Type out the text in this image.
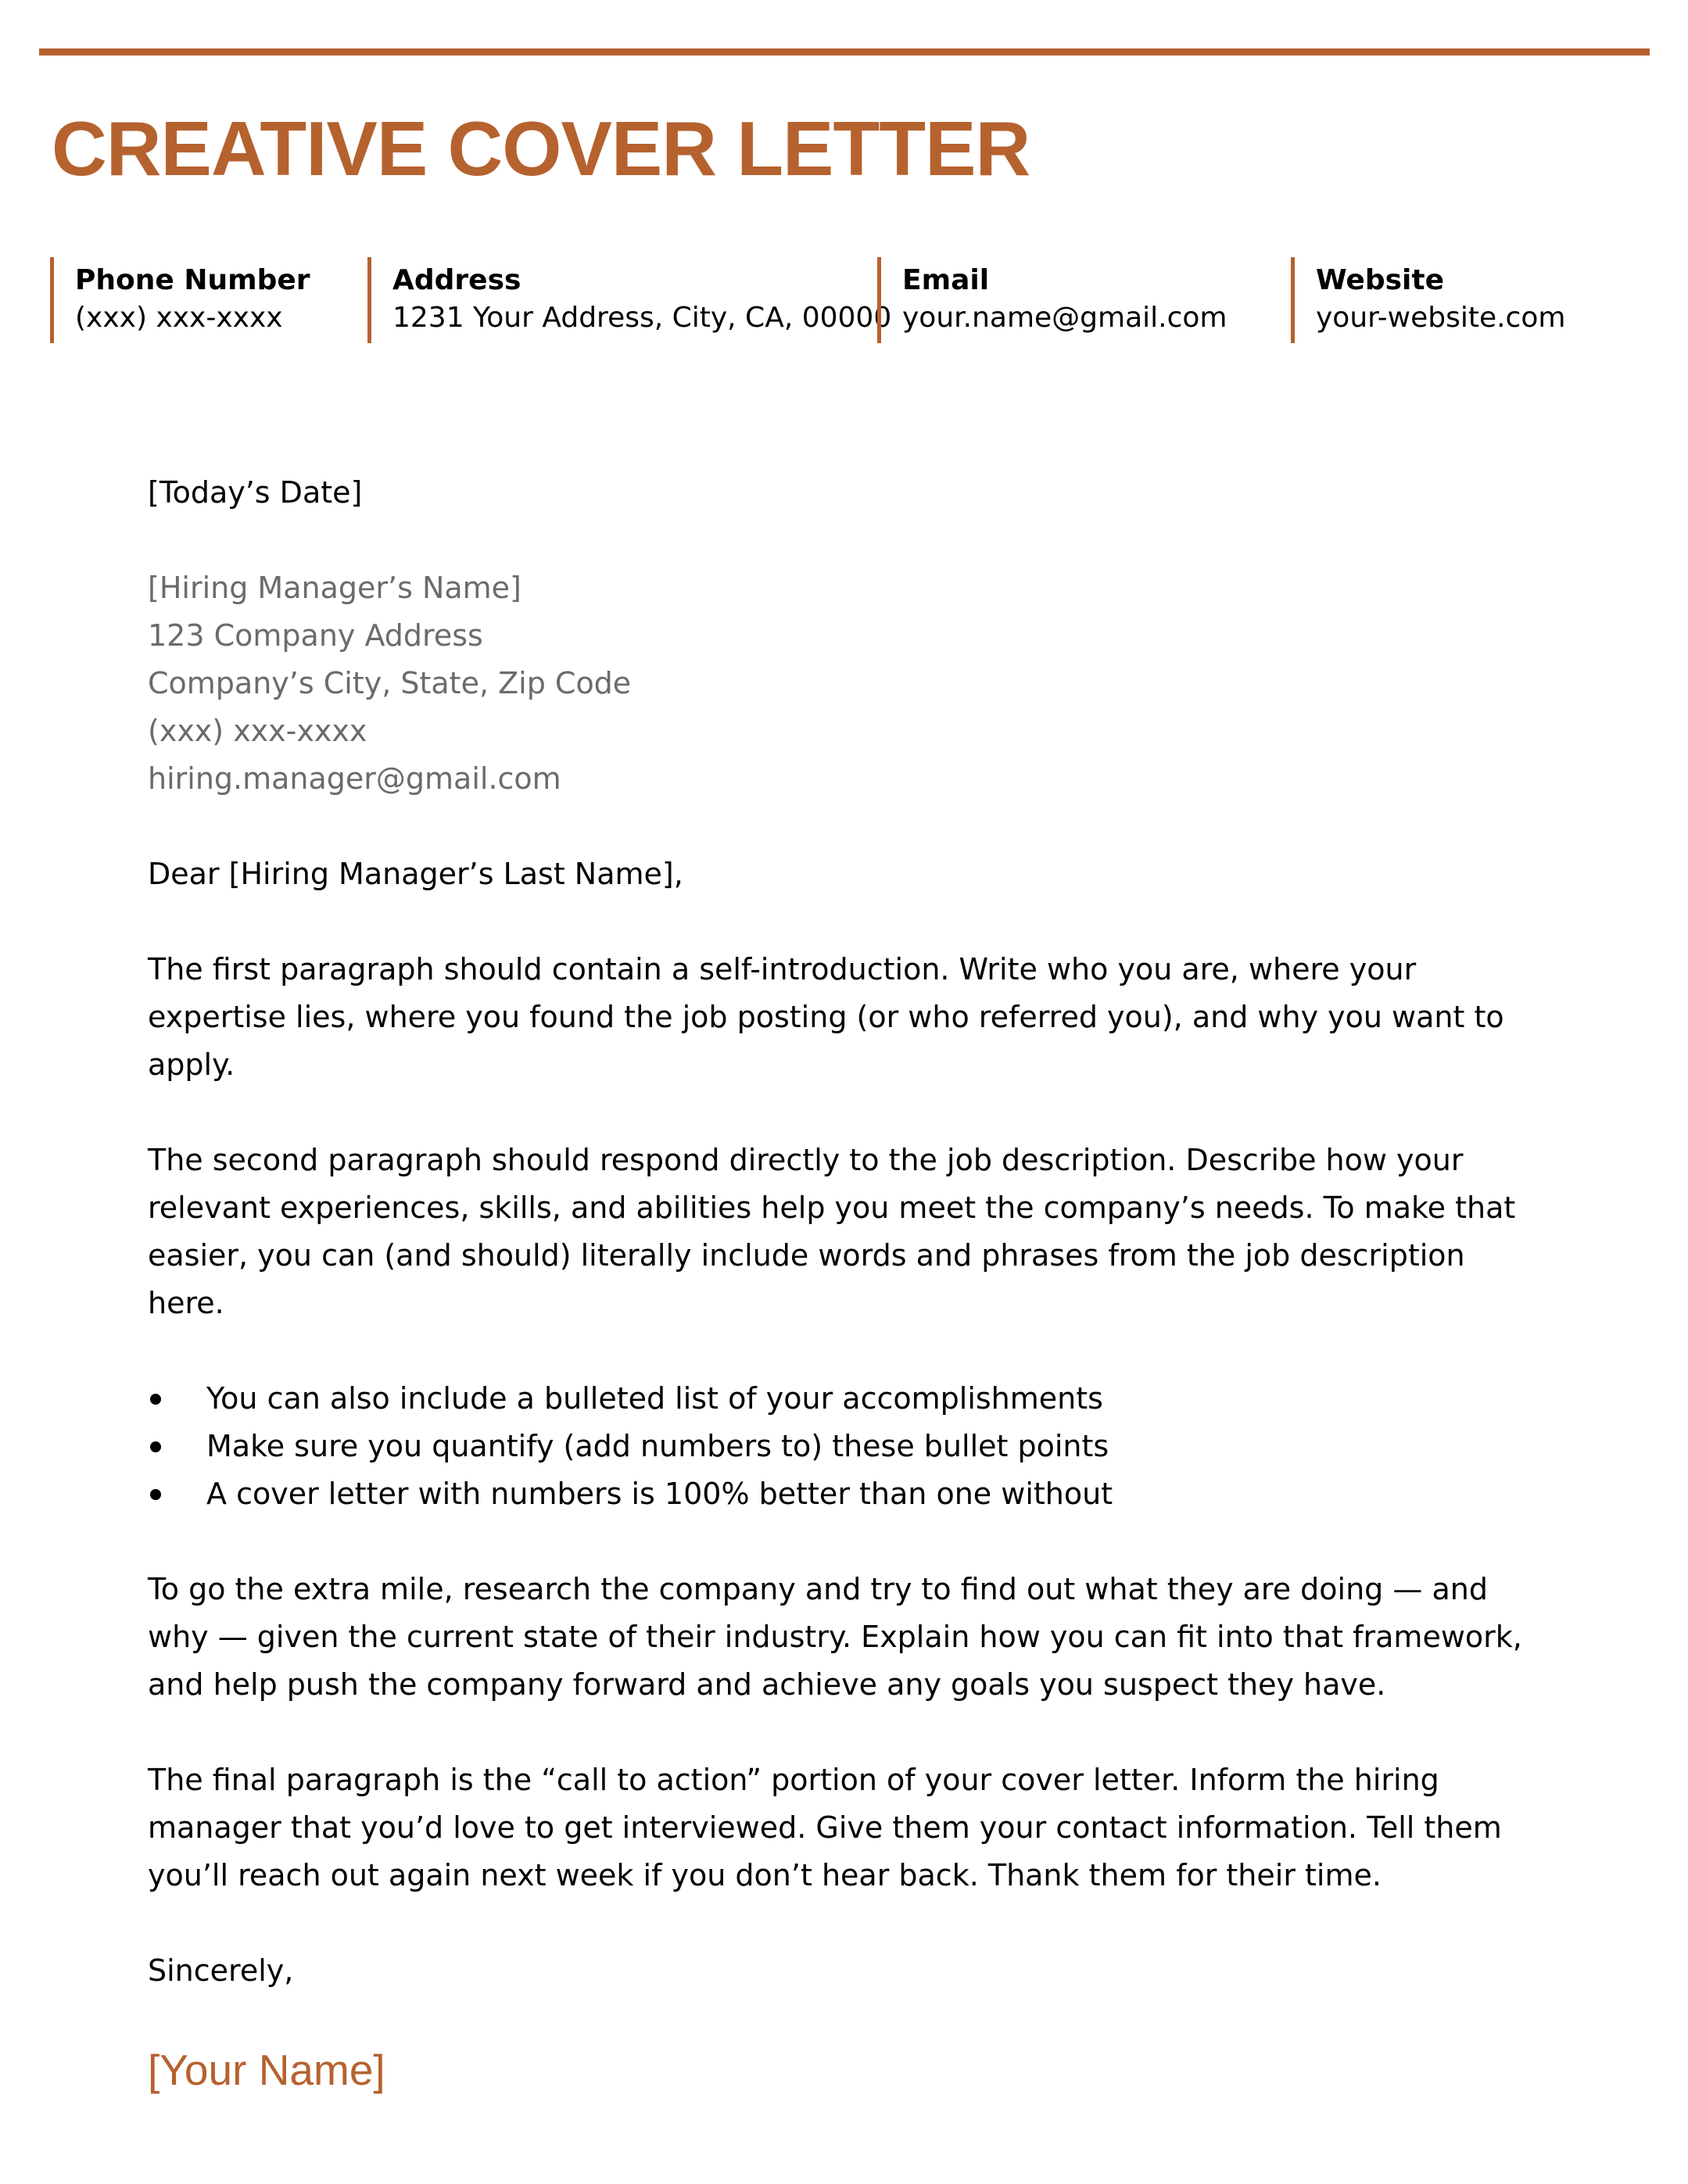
CREATIVE COVER LETTER
Phone Number
(xxx) xxx-xxxx
Address
1231 Your Address, City, CA, 00000
Email
your.name@gmail.com
Website
your-website.com

[Today’s Date]

[Hiring Manager’s Name]
123 Company Address
Company’s City, State, Zip Code
(xxx) xxx-xxxx
hiring.manager@gmail.com

Dear [Hiring Manager’s Last Name],

The first paragraph should contain a self-introduction. Write who you are, where your expertise lies, where you found the job posting (or who referred you), and why you want to apply.

The second paragraph should respond directly to the job description. Describe how your relevant experiences, skills, and abilities help you meet the company’s needs. To make that easier, you can (and should) literally include words and phrases from the job description here.

You can also include a bulleted list of your accomplishments
Make sure you quantify (add numbers to) these bullet points
A cover letter with numbers is 100% better than one without

To go the extra mile, research the company and try to find out what they are doing — and why — given the current state of their industry. Explain how you can fit into that framework, and help push the company forward and achieve any goals you suspect they have.

The final paragraph is the “call to action” portion of your cover letter. Inform the hiring manager that you’d love to get interviewed. Give them your contact information. Tell them you’ll reach out again next week if you don’t hear back. Thank them for their time.

Sincerely,

[Your Name]
